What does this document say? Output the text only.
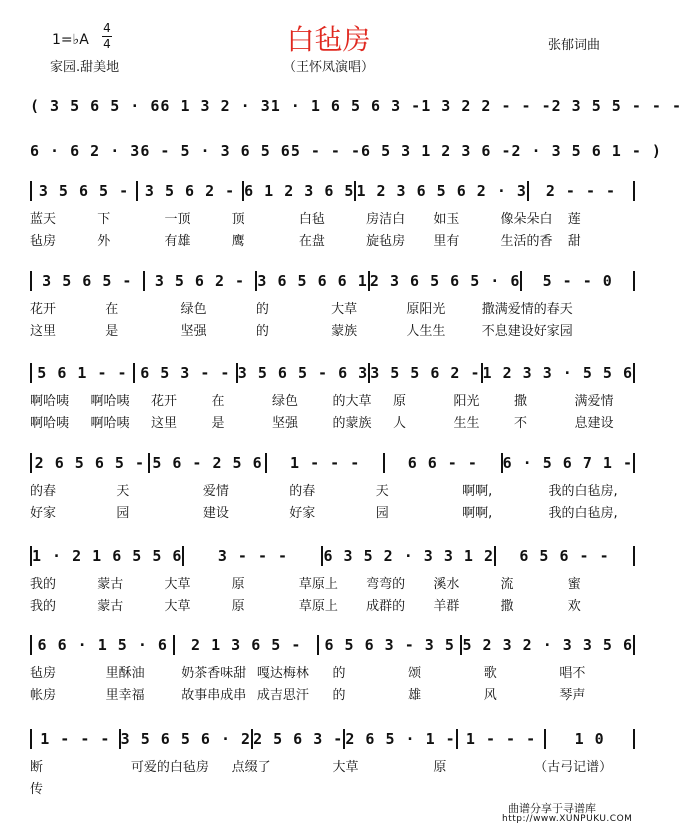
白毡房
1=♭A
4
4
家园.甜美地	（王怀凤演唱）
张郁词曲
( 3 5 6 5 · 6 6 1 3 2 · 3 1 · 1 6 5 6 3 - 1 3 2 2 - - - 2 3 5 5 - - -
6 · 6 2 · 3 6 - 5 · 3 6 5 6 5 - - - 6 5 3 1 2 3 6 - 2 · 3 5 6 1 - )
3 5 6 5 -	3 5 6 2 - 6 1 2 3 6 5 1 2 3 6 5 6 2 · 3	2 - - -
蓝天	下	一顶	顶	白毡	房洁白	如玉	像朵朵白	莲
毡房	外	有雄	鹰	在盘	旋毡房	里有	生活的香	甜
3 5 6 5 -	3 5 6 2 - 3 6 5 6 6 1 2 3 6 5 6 5 · 6	5 - - 0
花开	在	绿色	的	大草	原阳光	撒满爱情的春 天
这里	是	坚强	的	蒙族	人生生	不息建设好家 园
5 6 1 - - 6 5 3 - - 3 5 6 5 - 6 3 3 5 5 6 2 - 1 2 3 3 · 5 5 6
啊哈咦	啊哈咦	花开	在	绿色	的大草	原	阳光	撒	满爱情
啊哈咦	啊哈咦	这里	是	坚强	的蒙族	人	生生	不	息建设
2 6 5 6 5 - 5 6 - 2 5 6	1 - - -	6 6 - -	6 · 5 6 7 1 -
的春	天	爱情	的春	天	啊啊,	我的白毡房,
好家	园	建设	好家	园	啊啊,	我的白毡房,
1 · 2 1 6 5 5 6	3 - - -	6 3 5 2 · 3 3 1 2	6 5 6 - -
我的	蒙古	大草	原	草原上	弯弯的	溪水	流	蜜
我的	蒙古	大草	原	草原上	成群的	羊群	撒	欢
6 6 · 1 5 · 6	2 1 3 6 5 -	6 5 6 3 - 3 5 5 2 3 2 · 3 3 5 6
毡房	里酥油	奶茶香味甜 嘎达梅林	的	颂	歌	唱不
帐房	里幸福	故事串成串 成吉思汗	的	雄	风	琴声
1 - - - 3 5 6 5 6 · 2 2 5 6 3 - 2 6 5 · 1 - 1 - - -	1 0
断	可爱的白毡房	点缀了	大草	原	（古弓记谱）
传
曲谱分享于寻谱库
http://www.XUNPUKU.COM
